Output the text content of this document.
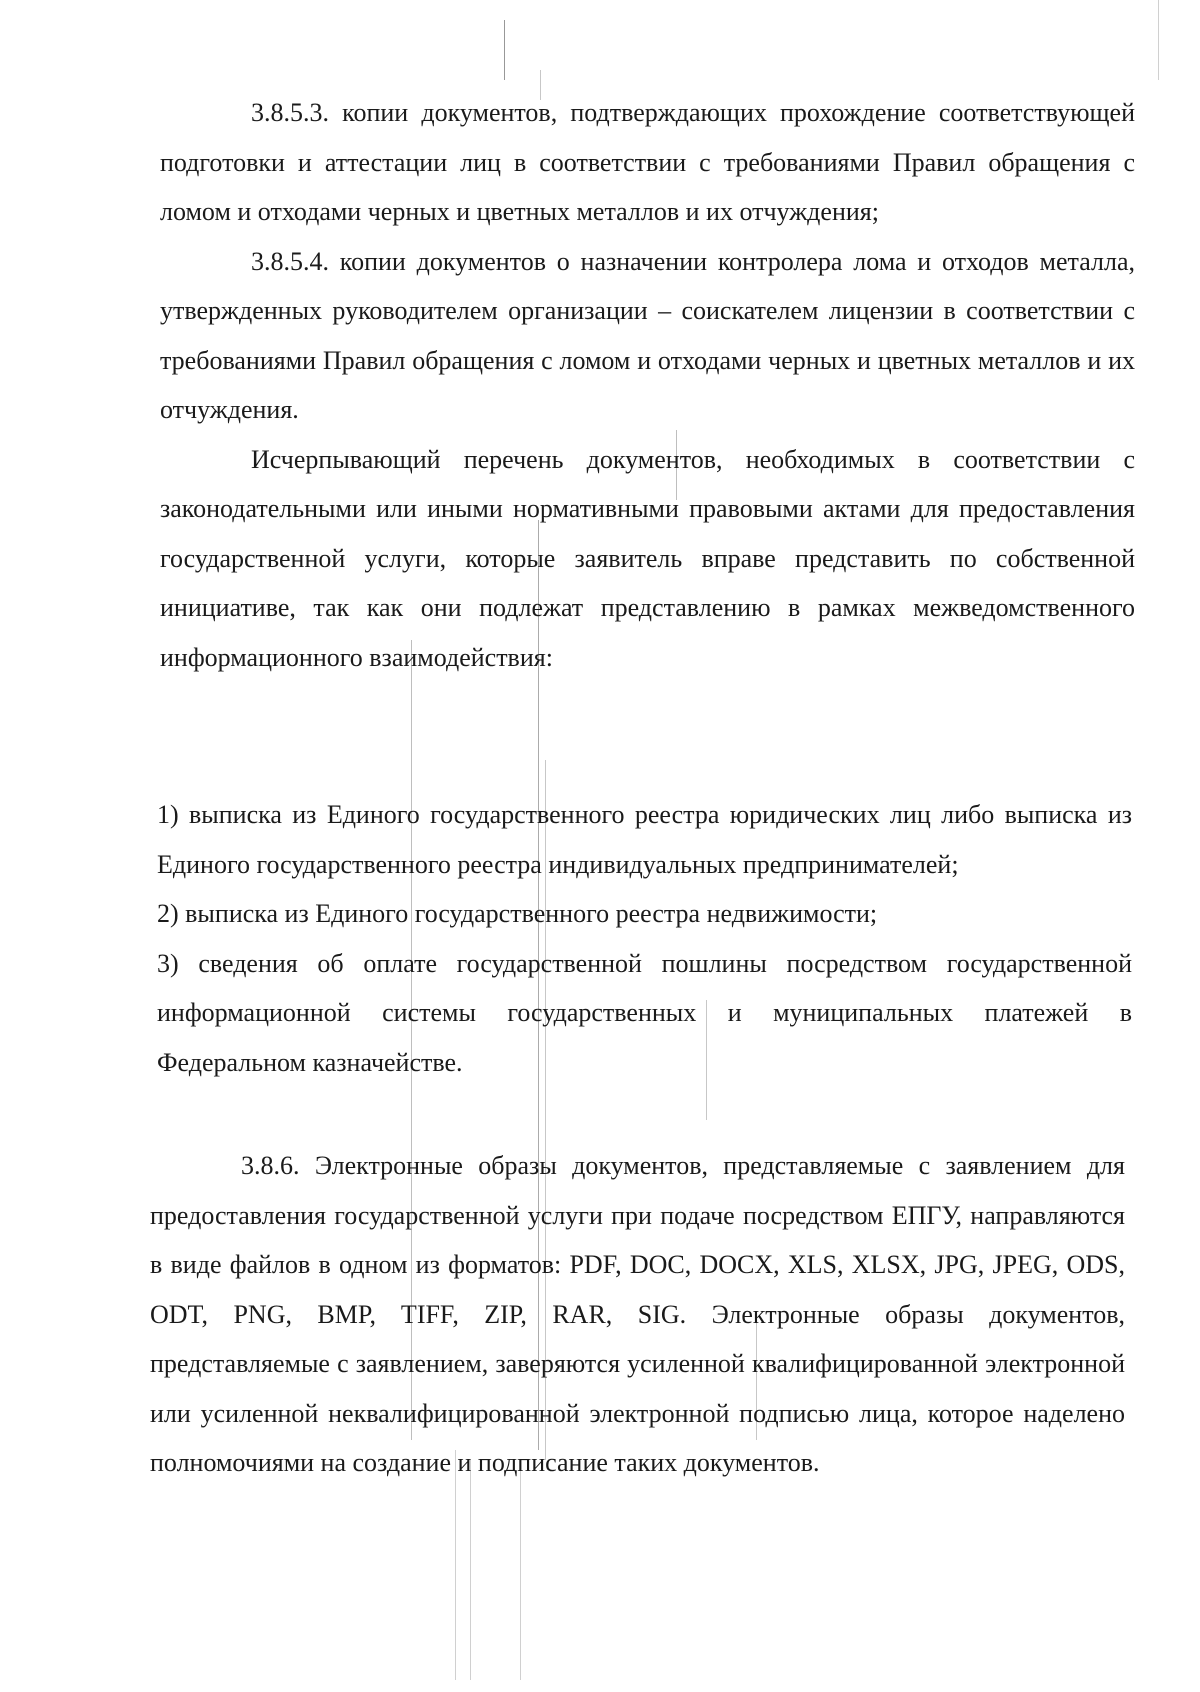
3.8.5.3. копии документов, подтверждающих прохождение соответствующей подготовки и аттестации лиц в соответствии с требованиями Правил обращения с ломом и отходами черных и цветных металлов и их отчуждения;

3.8.5.4. копии документов о назначении контролера лома и отходов металла, утвержденных руководителем организации – соискателем лицензии в соответствии с требованиями Правил обращения с ломом и отходами черных и цветных металлов и их отчуждения.

Исчерпывающий перечень документов, необходимых в соответствии с законодательными или иными нормативными правовыми актами для предоставления государственной услуги, которые заявитель вправе представить по собственной инициативе, так как они подлежат представлению в рамках межведомственного информационного взаимодействия:

1) выписка из Единого государственного реестра юридических лиц либо выписка из Единого государственного реестра индивидуальных предпринимателей;

2) выписка из Единого государственного реестра недвижимости;

3) сведения об оплате государственной пошлины посредством государственной информационной системы государственных и муниципальных платежей в Федеральном казначействе.

3.8.6. Электронные образы документов, представляемые с заявлением для предоставления государственной услуги при подаче посредством ЕПГУ, направляются в виде файлов в одном из форматов: PDF, DOC, DOCX, XLS, XLSX, JPG, JPEG, ODS, ODT, PNG, BMP, TIFF, ZIP, RAR, SIG. Электронные образы документов, представляемые с заявлением, заверяются усиленной квалифицированной электронной или усиленной неквалифицированной электронной подписью лица, которое наделено полномочиями на создание и подписание таких документов.
